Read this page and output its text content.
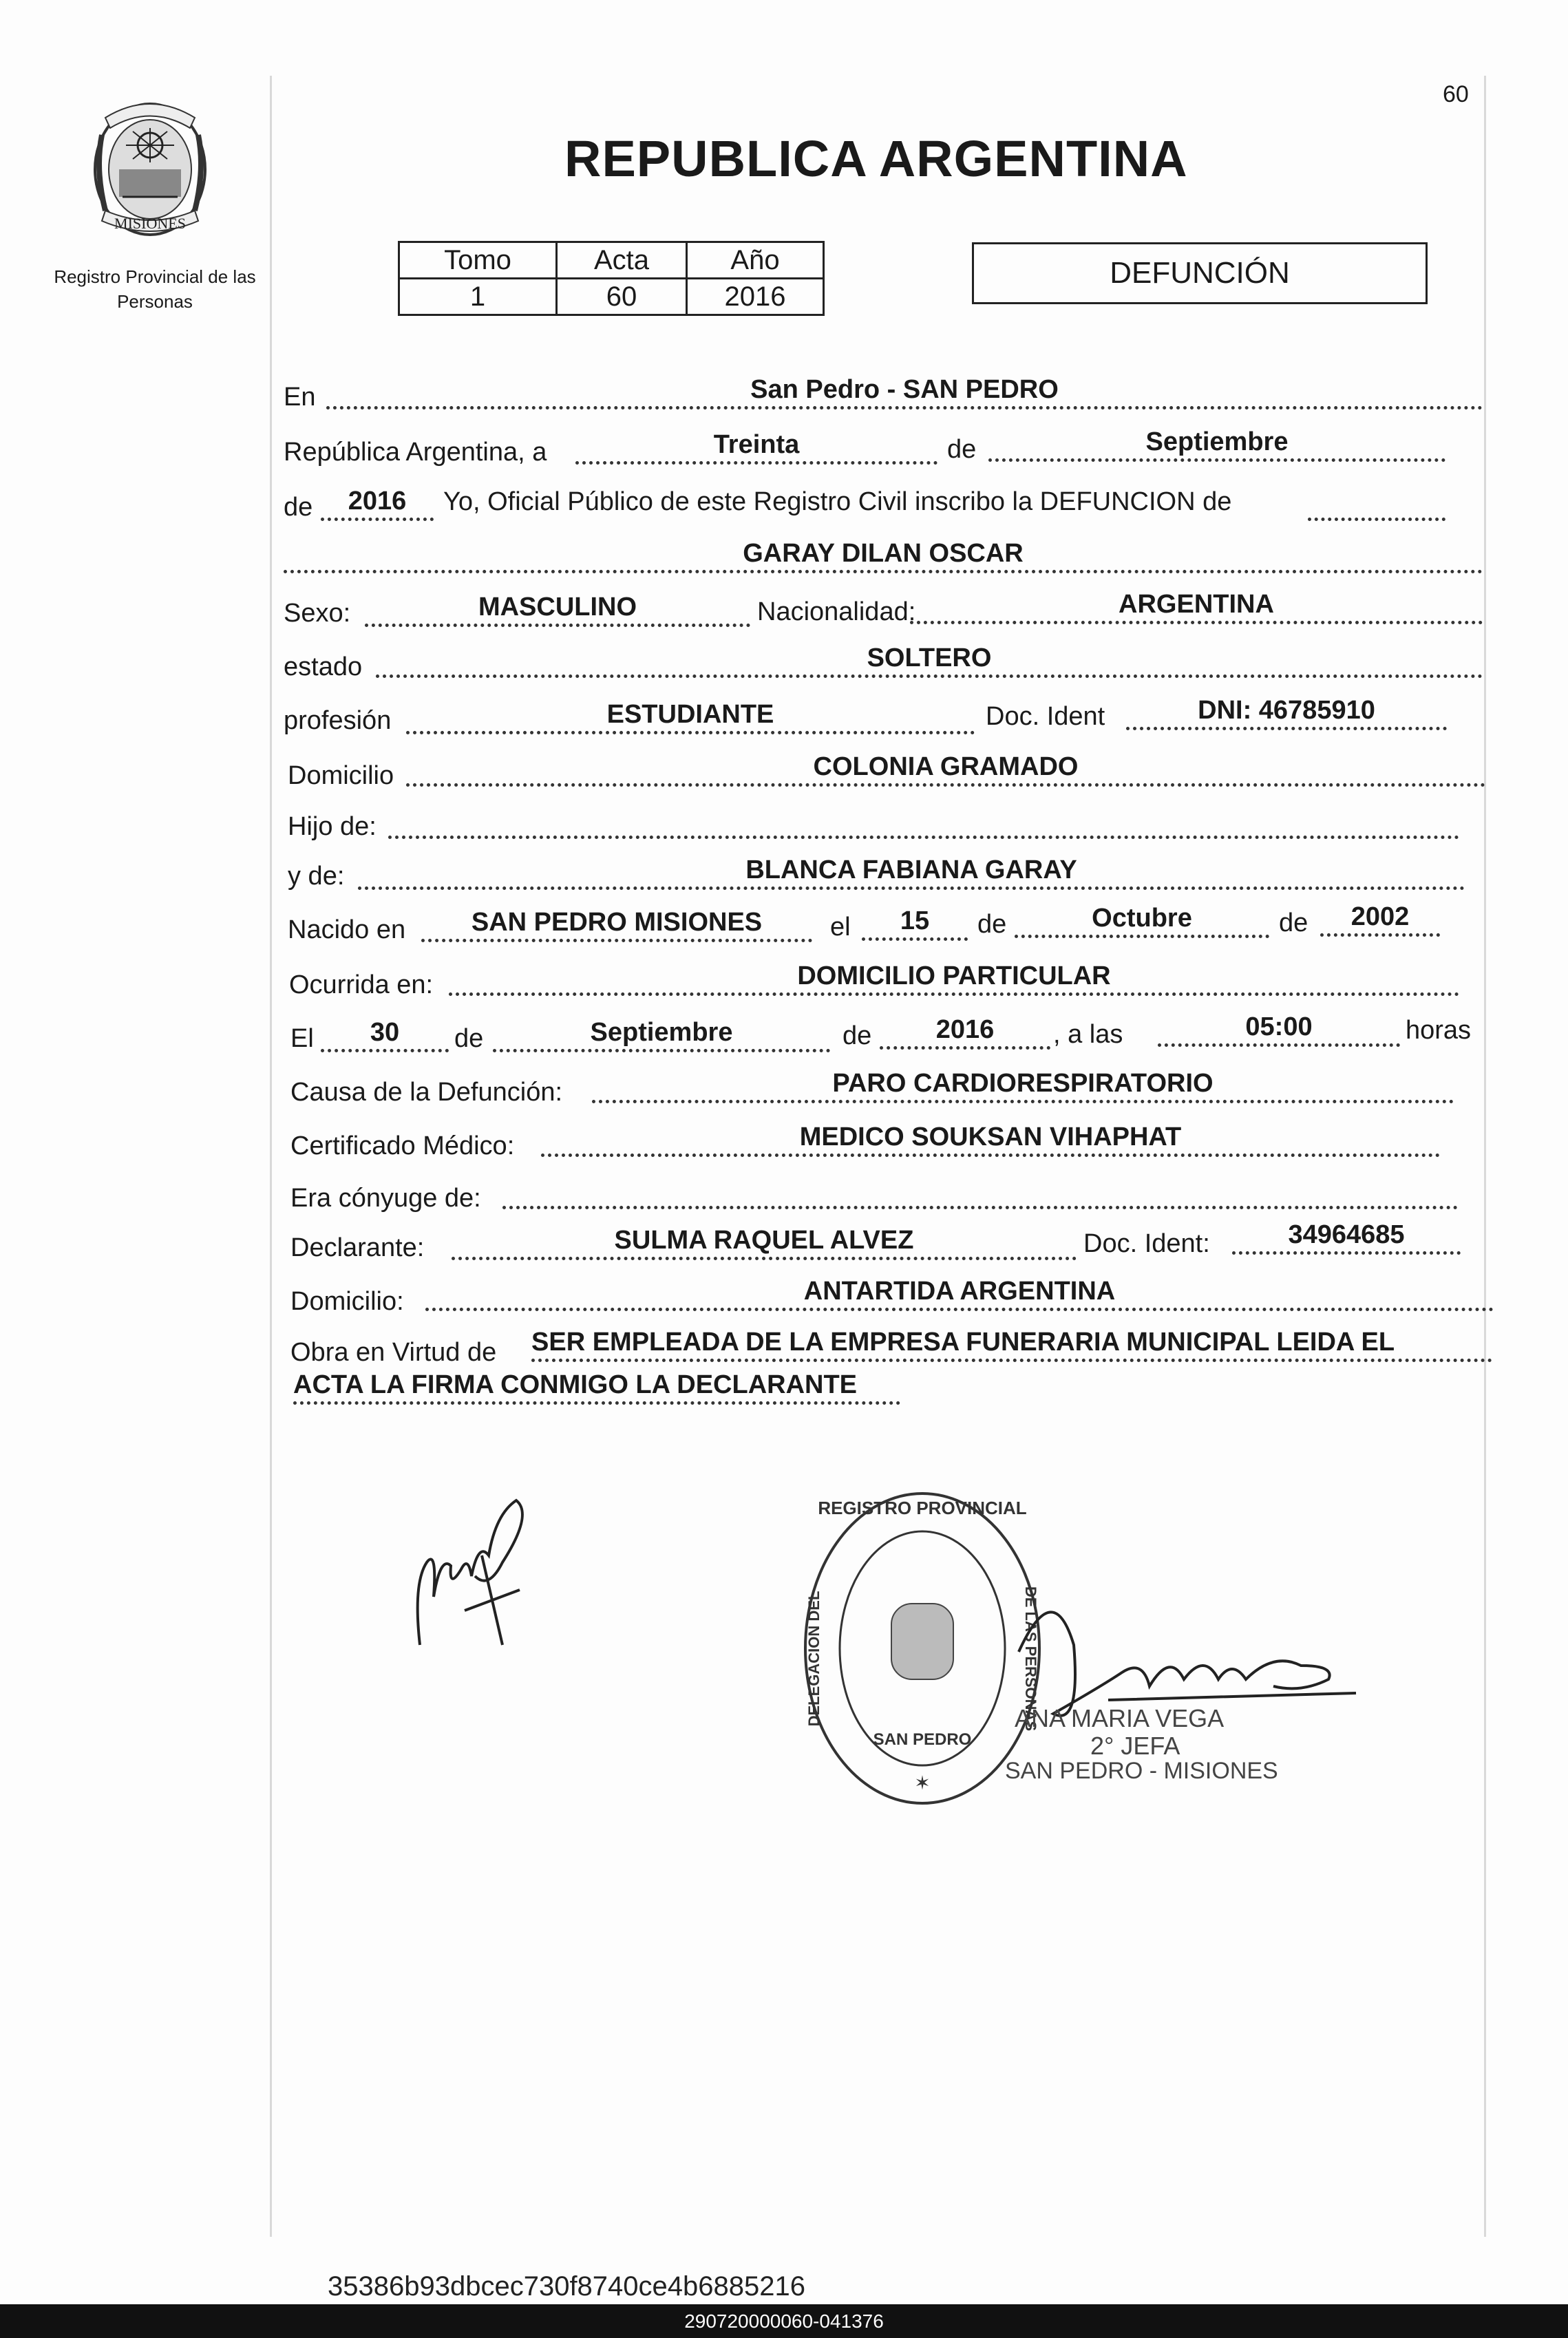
MISIONES
Registro Provincial de las Personas
60
REPUBLICA ARGENTINA
Tomo	Acta	Año
1	60	2016
DEFUNCIÓN
En	San Pedro - SAN PEDRO
República Argentina, a	Treinta	de	Septiembre
de	2016	Yo, Oficial Público de este Registro Civil inscribo la DEFUNCION de
GARAY DILAN OSCAR
Sexo:	MASCULINO	Nacionalidad:	ARGENTINA
estado	SOLTERO
profesión	ESTUDIANTE	Doc. Ident	DNI: 46785910
Domicilio	COLONIA GRAMADO
Hijo de:
y de:	BLANCA FABIANA GARAY
Nacido en	SAN PEDRO MISIONES	el	15	de	Octubre	de	2002
Ocurrida en:	DOMICILIO PARTICULAR
El	30	de	Septiembre	de	2016	, a las	05:00	horas
Causa de la Defunción:	PARO CARDIORESPIRATORIO
Certificado Médico:	MEDICO SOUKSAN VIHAPHAT
Era cónyuge de:
Declarante:	SULMA RAQUEL ALVEZ	Doc. Ident:	34964685
Domicilio:	ANTARTIDA ARGENTINA
Obra en Virtud de SER EMPLEADA DE LA EMPRESA FUNERARIA MUNICIPAL LEIDA EL
ACTA LA FIRMA CONMIGO LA DECLARANTE
REGISTRO PROVINCIAL
DELEGACION DEL	DE LAS PERSONAS
SAN PEDRO
✶
ANA MARIA VEGA
2° JEFA
SAN PEDRO - MISIONES
35386b93dbcec730f8740ce4b6885216
290720000060-041376
